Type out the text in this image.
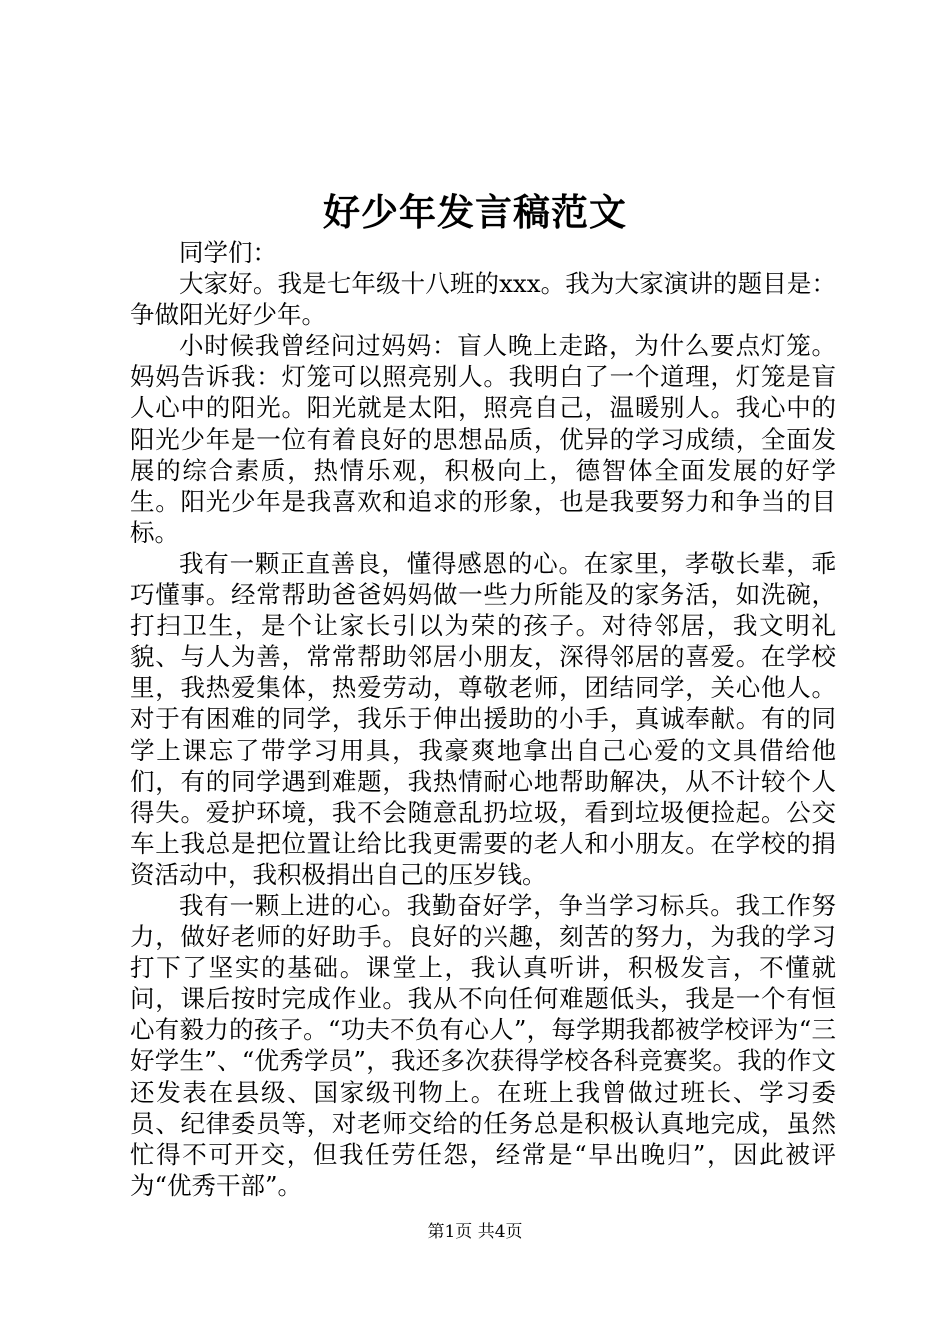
好少年发言稿范文

同学们：

大家好。我是七年级十八班的xxx。我为大家演讲的题目是：争做阳光好少年。

小时候我曾经问过妈妈：盲人晚上走路，为什么要点灯笼。妈妈告诉我：灯笼可以照亮别人。我明白了一个道理，灯笼是盲人心中的阳光。阳光就是太阳，照亮自己，温暖别人。我心中的阳光少年是一位有着良好的思想品质，优异的学习成绩，全面发展的综合素质，热情乐观，积极向上，德智体全面发展的好学生。阳光少年是我喜欢和追求的形象，也是我要努力和争当的目标。

我有一颗正直善良，懂得感恩的心。在家里，孝敬长辈，乖巧懂事。经常帮助爸爸妈妈做一些力所能及的家务活，如洗碗，打扫卫生，是个让家长引以为荣的孩子。对待邻居，我文明礼貌、与人为善，常常帮助邻居小朋友，深得邻居的喜爱。在学校里，我热爱集体，热爱劳动，尊敬老师，团结同学，关心他人。对于有困难的同学，我乐于伸出援助的小手，真诚奉献。有的同学上课忘了带学习用具，我豪爽地拿出自己心爱的文具借给他们，有的同学遇到难题，我热情耐心地帮助解决，从不计较个人得失。爱护环境，我不会随意乱扔垃圾，看到垃圾便捡起。公交车上我总是把位置让给比我更需要的老人和小朋友。在学校的捐资活动中，我积极捐出自己的压岁钱。

我有一颗上进的心。我勤奋好学，争当学习标兵。我工作努力，做好老师的好助手。良好的兴趣，刻苦的努力，为我的学习打下了坚实的基础。课堂上，我认真听讲，积极发言，不懂就问，课后按时完成作业。我从不向任何难题低头，我是一个有恒心有毅力的孩子。“功夫不负有心人”，每学期我都被学校评为“三好学生”、“优秀学员”，我还多次获得学校各科竞赛奖。我的作文还发表在县级、国家级刊物上。在班上我曾做过班长、学习委员、纪律委员等，对老师交给的任务总是积极认真地完成，虽然忙得不可开交，但我任劳任怨，经常是“早出晚归”，因此被评为“优秀干部”。

第1页 共4页
